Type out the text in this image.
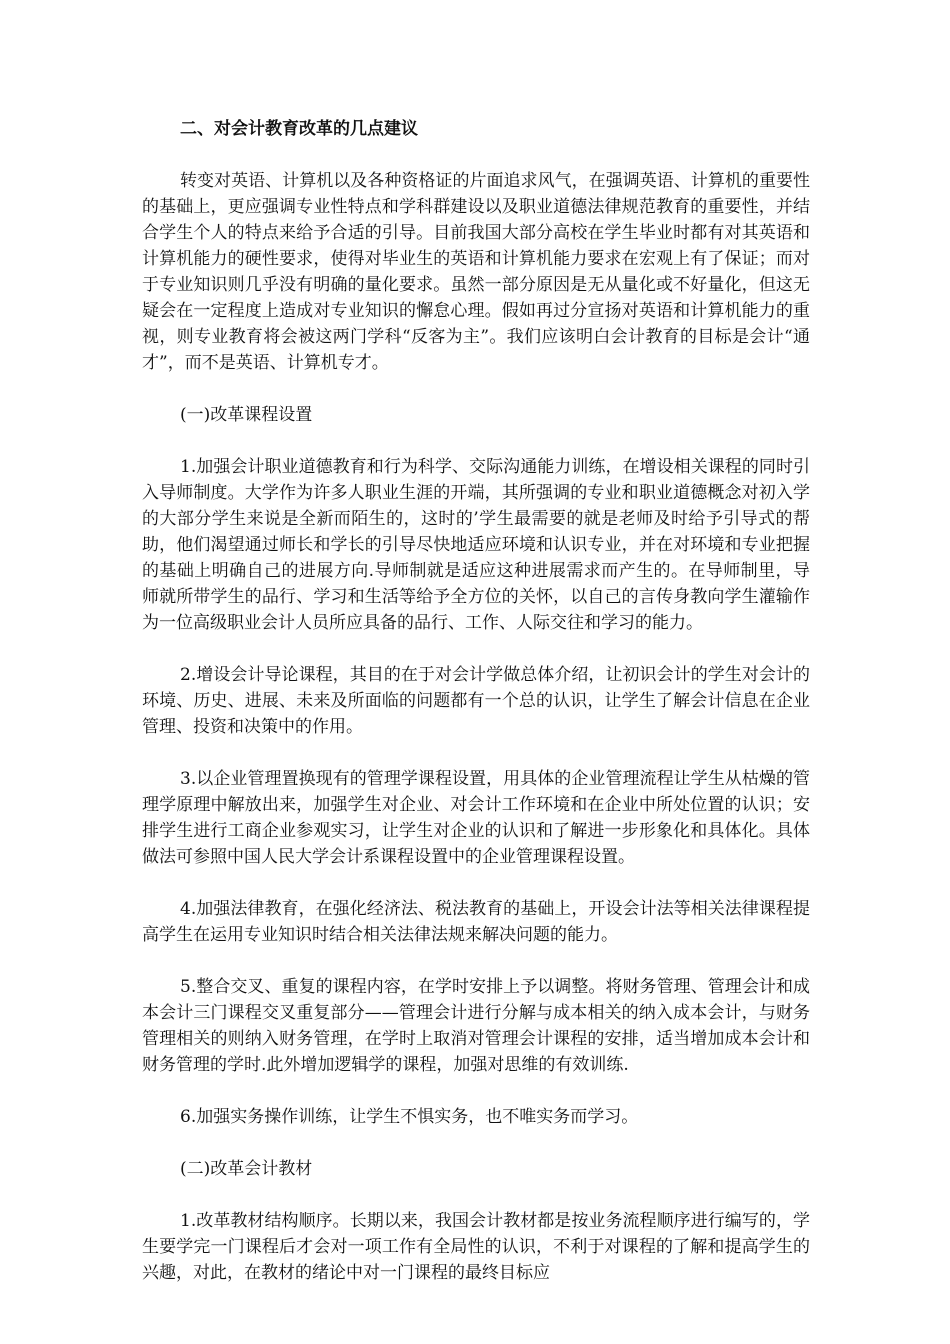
二、对会计教育改革的几点建议

转变对英语、计算机以及各种资格证的片面追求风气，在强调英语、计算机的重要性的基础上，更应强调专业性特点和学科群建设以及职业道德法律规范教育的重要性，并结合学生个人的特点来给予合适的引导。目前我国大部分高校在学生毕业时都有对其英语和计算机能力的硬性要求，使得对毕业生的英语和计算机能力要求在宏观上有了保证；而对于专业知识则几乎没有明确的量化要求。虽然一部分原因是无从量化或不好量化，但这无疑会在一定程度上造成对专业知识的懈怠心理。假如再过分宣扬对英语和计算机能力的重视，则专业教育将会被这两门学科“反客为主”。我们应该明白会计教育的目标是会计“通才”，而不是英语、计算机专才。

(一)改革课程设置

1.加强会计职业道德教育和行为科学、交际沟通能力训练，在增设相关课程的同时引入导师制度。大学作为许多人职业生涯的开端，其所强调的专业和职业道德概念对初入学的大部分学生来说是全新而陌生的，这时的’学生最需要的就是老师及时给予引导式的帮助，他们渴望通过师长和学长的引导尽快地适应环境和认识专业，并在对环境和专业把握的基础上明确自己的进展方向.导师制就是适应这种进展需求而产生的。在导师制里，导师就所带学生的品行、学习和生活等给予全方位的关怀，以自己的言传身教向学生灌输作为一位高级职业会计人员所应具备的品行、工作、人际交往和学习的能力。

2.增设会计导论课程，其目的在于对会计学做总体介绍，让初识会计的学生对会计的环境、历史、进展、未来及所面临的问题都有一个总的认识，让学生了解会计信息在企业管理、投资和决策中的作用。

3.以企业管理置换现有的管理学课程设置，用具体的企业管理流程让学生从枯燥的管理学原理中解放出来，加强学生对企业、对会计工作环境和在企业中所处位置的认识；安排学生进行工商企业参观实习，让学生对企业的认识和了解进一步形象化和具体化。具体做法可参照中国人民大学会计系课程设置中的企业管理课程设置。

4.加强法律教育，在强化经济法、税法教育的基础上，开设会计法等相关法律课程提高学生在运用专业知识时结合相关法律法规来解决问题的能力。

5.整合交叉、重复的课程内容，在学时安排上予以调整。将财务管理、管理会计和成本会计三门课程交叉重复部分——管理会计进行分解与成本相关的纳入成本会计，与财务管理相关的则纳入财务管理，在学时上取消对管理会计课程的安排，适当增加成本会计和财务管理的学时.此外增加逻辑学的课程，加强对思维的有效训练.

6.加强实务操作训练，让学生不惧实务，也不唯实务而学习。

(二)改革会计教材

1.改革教材结构顺序。长期以来，我国会计教材都是按业务流程顺序进行编写的，学生要学完一门课程后才会对一项工作有全局性的认识，不利于对课程的了解和提高学生的兴趣，对此，在教材的绪论中对一门课程的最终目标应
